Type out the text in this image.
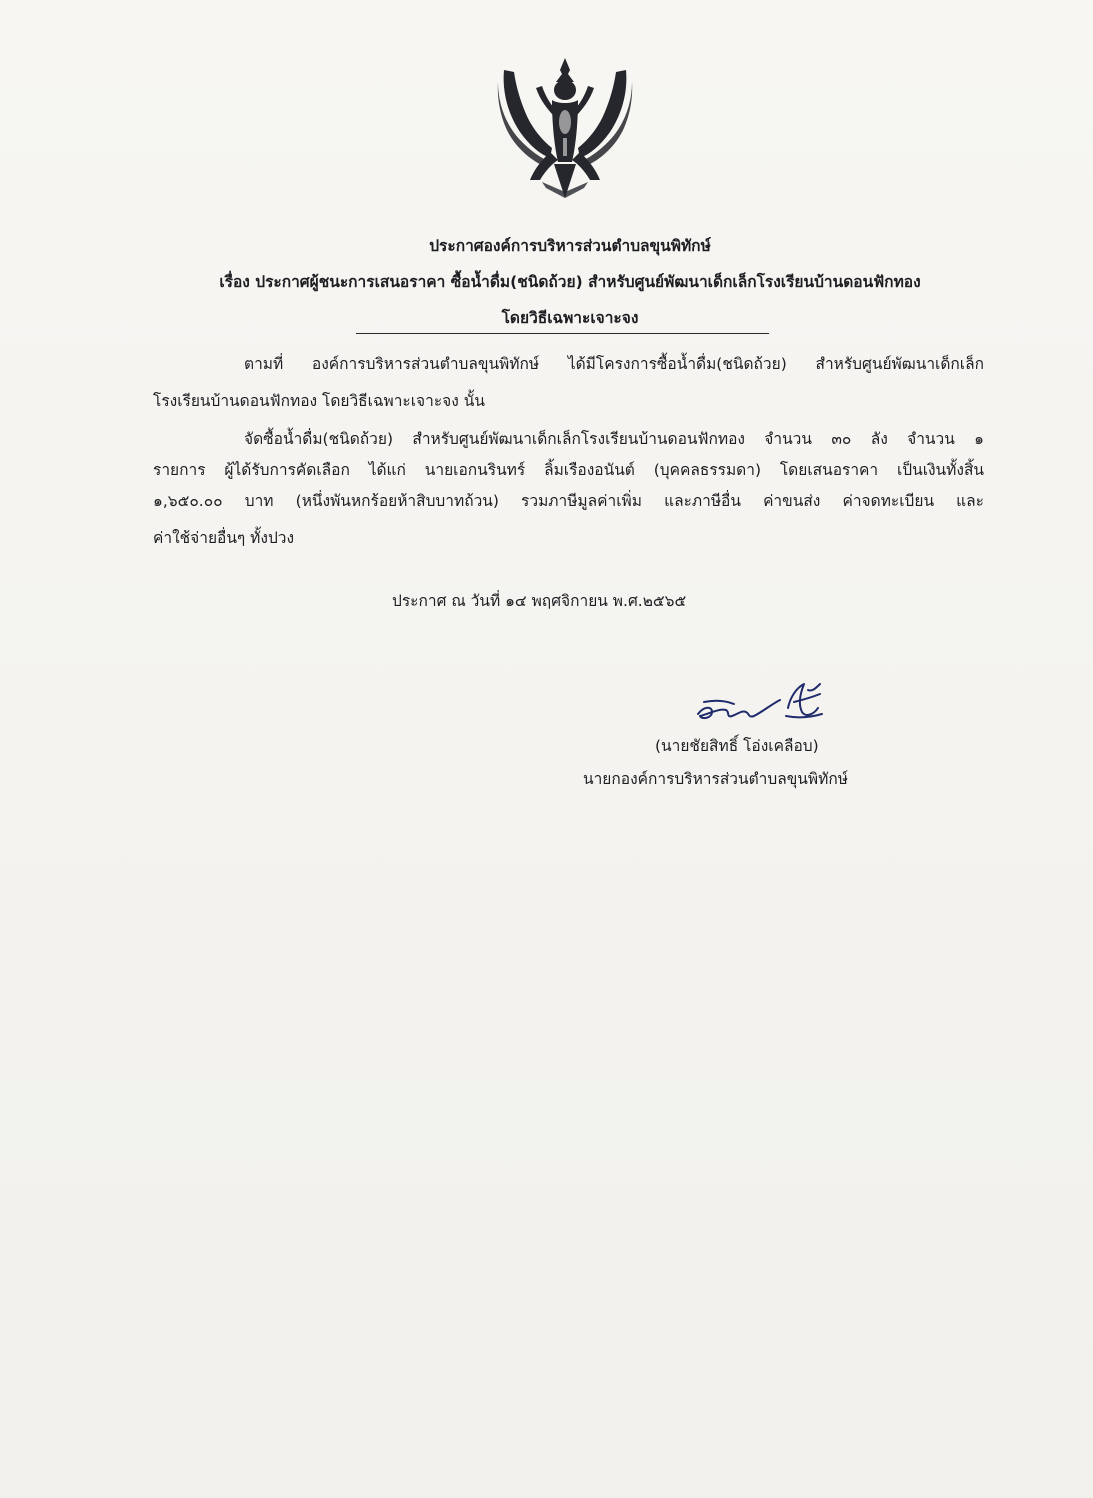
ประกาศองค์การบริหารส่วนตำบลขุนพิทักษ์
เรื่อง ประกาศผู้ชนะการเสนอราคา ซื้อน้ำดื่ม(ชนิดถ้วย) สำหรับศูนย์พัฒนาเด็กเล็กโรงเรียนบ้านดอนฟักทอง
โดยวิธีเฉพาะเจาะจง
ตามที่ องค์การบริหารส่วนตำบลขุนพิทักษ์ ได้มีโครงการซื้อน้ำดื่ม(ชนิดถ้วย) สำหรับศูนย์พัฒนาเด็กเล็ก
โรงเรียนบ้านดอนฟักทอง โดยวิธีเฉพาะเจาะจง นั้น
จัดซื้อน้ำดื่ม(ชนิดถ้วย) สำหรับศูนย์พัฒนาเด็กเล็กโรงเรียนบ้านดอนฟักทอง จำนวน ๓๐ ลัง จำนวน ๑
รายการ ผู้ได้รับการคัดเลือก ได้แก่ นายเอกนรินทร์ ลิ้มเรืองอนันต์ (บุคคลธรรมดา) โดยเสนอราคา เป็นเงินทั้งสิ้น
๑,๖๕๐.๐๐ บาท (หนึ่งพันหกร้อยห้าสิบบาทถ้วน) รวมภาษีมูลค่าเพิ่ม และภาษีอื่น ค่าขนส่ง ค่าจดทะเบียน และ
ค่าใช้จ่ายอื่นๆ ทั้งปวง
ประกาศ ณ วันที่ ๑๔ พฤศจิกายน พ.ศ.๒๕๖๕
(นายชัยสิทธิ์ โอ่งเคลือบ)
นายกองค์การบริหารส่วนตำบลขุนพิทักษ์
